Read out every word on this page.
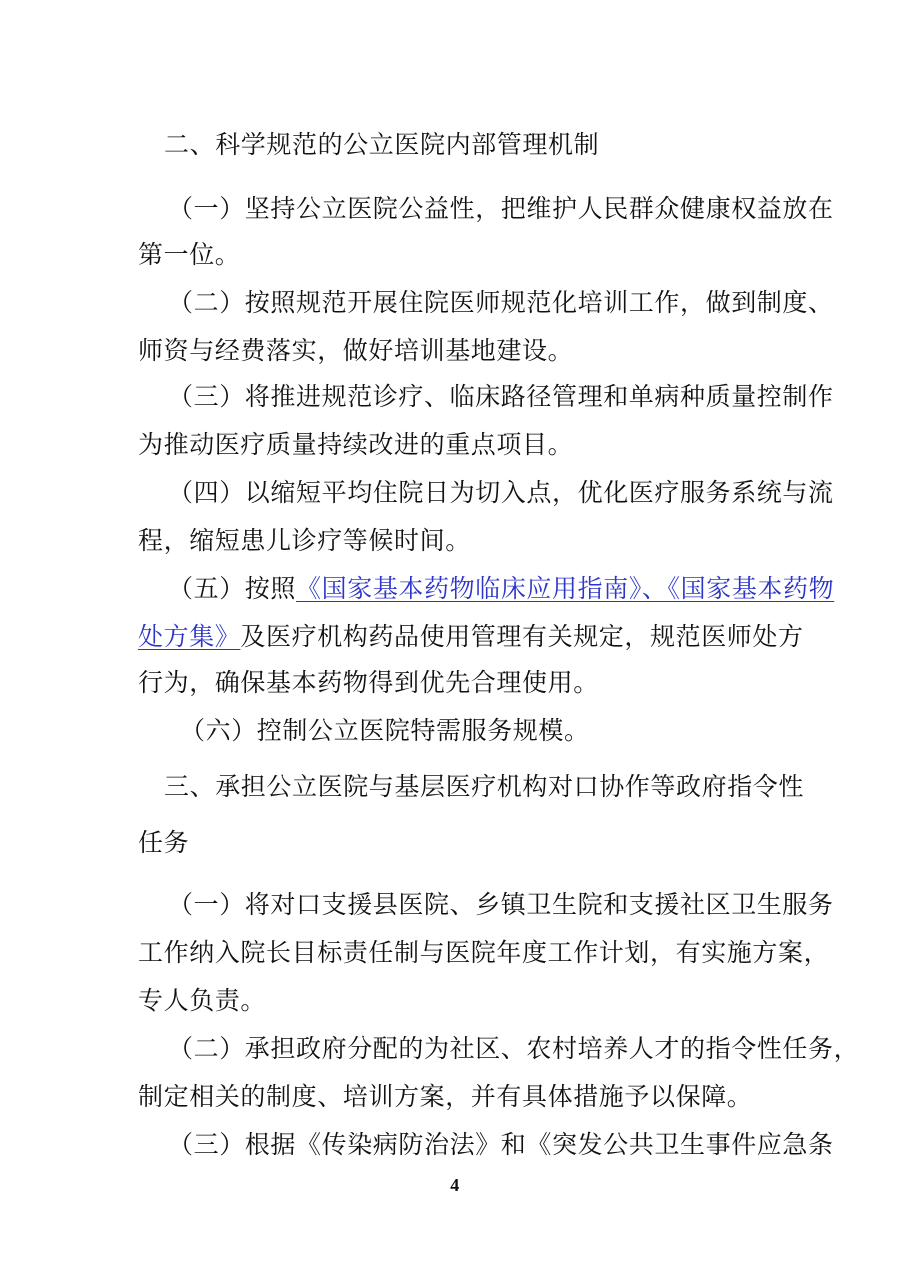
二、科学规范的公立医院内部管理机制
（一）坚持公立医院公益性，把维护人民群众健康权益放在
第一位。
（二）按照规范开展住院医师规范化培训工作，做到制度、
师资与经费落实，做好培训基地建设。
（三）将推进规范诊疗、临床路径管理和单病种质量控制作
为推动医疗质量持续改进的重点项目。
（四）以缩短平均住院日为切入点，优化医疗服务系统与流
程，缩短患儿诊疗等候时间。
（五）按照《国家基本药物临床应用指南》、《国家基本药物
处方集》及医疗机构药品使用管理有关规定，规范医师处方
行为，确保基本药物得到优先合理使用。
（六）控制公立医院特需服务规模。
三、承担公立医院与基层医疗机构对口协作等政府指令性
任务
（一）将对口支援县医院、乡镇卫生院和支援社区卫生服务
工作纳入院长目标责任制与医院年度工作计划，有实施方案，
专人负责。
（二）承担政府分配的为社区、农村培养人才的指令性任务，
制定相关的制度、培训方案，并有具体措施予以保障。
（三）根据《传染病防治法》和《突发公共卫生事件应急条
4
